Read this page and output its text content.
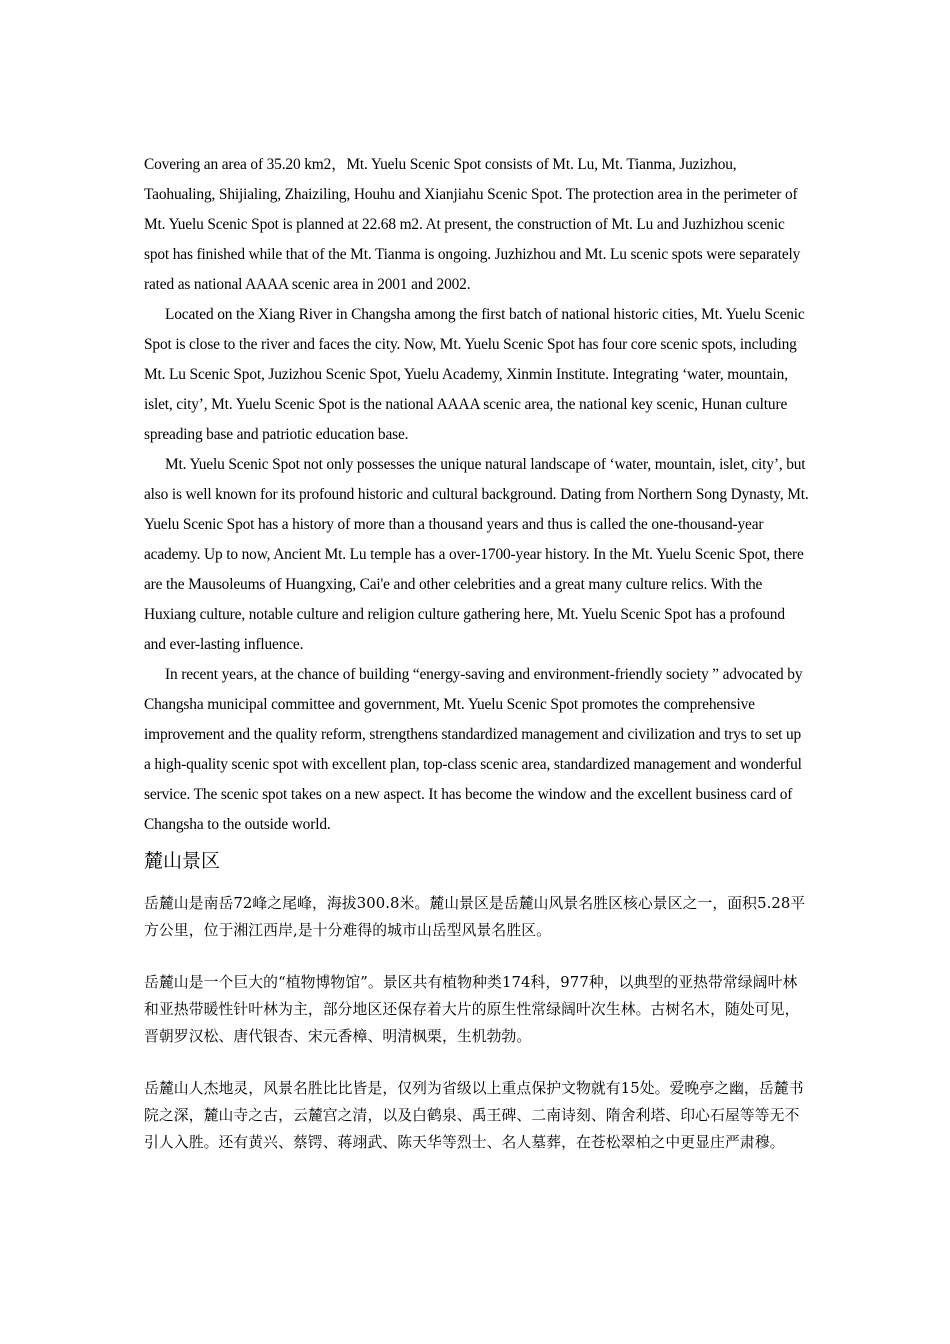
Covering an area of 35.20 km2，Mt. Yuelu Scenic Spot consists of Mt. Lu, Mt. Tianma, Juzizhou, Taohualing, Shijialing, Zhaiziling, Houhu and Xianjiahu Scenic Spot. The protection area in the perimeter of Mt. Yuelu Scenic Spot is planned at 22.68 m2. At present, the construction of Mt. Lu and Juzhizhou scenic spot has finished while that of the Mt. Tianma is ongoing. Juzhizhou and Mt. Lu scenic spots were separately rated as national AAAA scenic area in 2001 and 2002.

Located on the Xiang River in Changsha among the first batch of national historic cities, Mt. Yuelu Scenic Spot is close to the river and faces the city. Now, Mt. Yuelu Scenic Spot has four core scenic spots, including Mt. Lu Scenic Spot, Juzizhou Scenic Spot, Yuelu Academy, Xinmin Institute. Integrating ‘water, mountain, islet, city’, Mt. Yuelu Scenic Spot is the national AAAA scenic area, the national key scenic, Hunan culture spreading base and patriotic education base.

Mt. Yuelu Scenic Spot not only possesses the unique natural landscape of ‘water, mountain, islet, city’, but also is well known for its profound historic and cultural background. Dating from Northern Song Dynasty, Mt. Yuelu Scenic Spot has a history of more than a thousand years and thus is called the one-thousand-year academy. Up to now, Ancient Mt. Lu temple has a over-1700-year history. In the Mt. Yuelu Scenic Spot, there are the Mausoleums of Huangxing, Cai'e and other celebrities and a great many culture relics. With the Huxiang culture, notable culture and religion culture gathering here, Mt. Yuelu Scenic Spot has a profound and ever-lasting influence.

In recent years, at the chance of building “energy-saving and environment-friendly society ” advocated by Changsha municipal committee and government, Mt. Yuelu Scenic Spot promotes the comprehensive improvement and the quality reform, strengthens standardized management and civilization and trys to set up a high-quality scenic spot with excellent plan, top-class scenic area, standardized management and wonderful service. The scenic spot takes on a new aspect. It has become the window and the excellent business card of Changsha to the outside world.

麓山景区

岳麓山是南岳72峰之尾峰，海拔300.8米。麓山景区是岳麓山风景名胜区核心景区之一，面积5.28平方公里，位于湘江西岸,是十分难得的城市山岳型风景名胜区。

岳麓山是一个巨大的“植物博物馆”。景区共有植物种类174科，977种，以典型的亚热带常绿阔叶林和亚热带暖性针叶林为主，部分地区还保存着大片的原生性常绿阔叶次生林。古树名木，随处可见，晋朝罗汉松、唐代银杏、宋元香樟、明清枫栗，生机勃勃。

岳麓山人杰地灵，风景名胜比比皆是，仅列为省级以上重点保护文物就有15处。爱晚亭之幽，岳麓书院之深，麓山寺之古，云麓宫之清，以及白鹤泉、禹王碑、二南诗刻、隋舍利塔、印心石屋等等无不引人入胜。还有黄兴、蔡锷、蒋翊武、陈天华等烈士、名人墓葬，在苍松翠柏之中更显庄严肃穆。
